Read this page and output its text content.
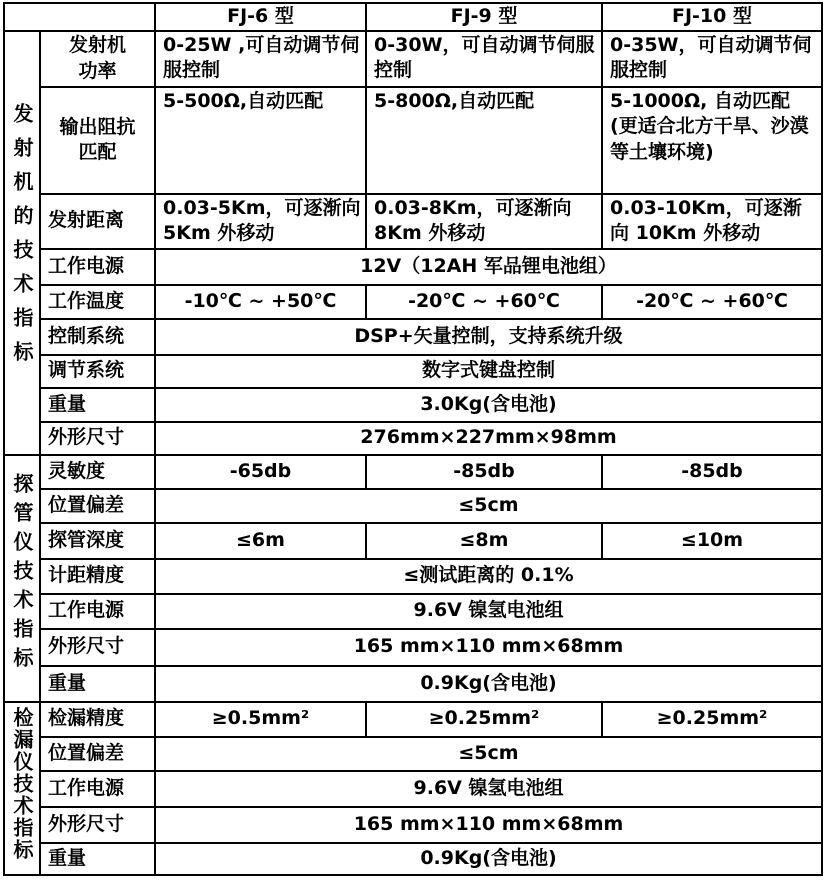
		FJ-6 型	FJ-9 型	FJ-10 型
发射机的技术指标	发射机功率	0-25W ,可自动调节伺服控制	0-30W，可自动调节伺服控制	0-35W，可自动调节伺服控制
	输出阻抗匹配	5-500Ω,自动匹配	5-800Ω,自动匹配	5-1000Ω, 自动匹配(更适合北方干旱、沙漠等土壤环境)
	发射距离	0.03-5Km，可逐渐向 5Km 外移动	0.03-8Km，可逐渐向8Km 外移动	0.03-10Km，可逐渐向 10Km 外移动
	工作电源	12V（12AH 军品锂电池组）		
	工作温度	-10℃ ~ +50℃	-20℃ ~ +60℃	-20℃ ~ +60℃
	控制系统	DSP+矢量控制，支持系统升级		
	调节系统	数字式键盘控制		
	重量	3.0Kg(含电池)		
	外形尺寸	276mm×227mm×98mm		
探管仪技术指标	灵敏度	-65db	-85db	-85db
	位置偏差	≤5cm		
	探管深度	≤6m	≤8m	≤10m
	计距精度	≤测试距离的 0.1%		
	工作电源	9.6V 镍氢电池组		
	外形尺寸	165 mm×110 mm×68mm		
	重量	0.9Kg(含电池)		
检漏仪技术指标	检漏精度	≥0.5mm²	≥0.25mm²	≥0.25mm²
	位置偏差	≤5cm		
	工作电源	9.6V 镍氢电池组		
	外形尺寸	165 mm×110 mm×68mm		
	重量	0.9Kg(含电池)		
